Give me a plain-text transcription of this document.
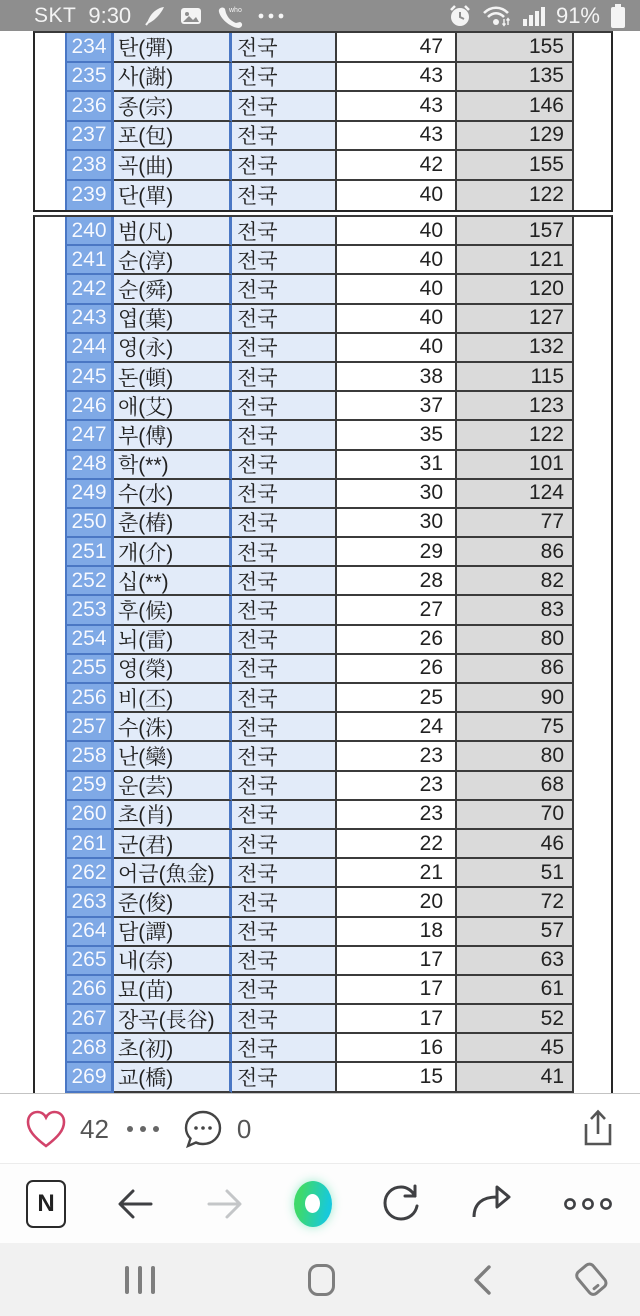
SKT 9:30	who	91%
234 탄(彈)	전국	47	155
235 사(謝)	전국	43	135
236 종(宗)	전국	43	146
237 포(包)	전국	43	129
238 곡(曲)	전국	42	155
239 단(單)	전국	40	122
240 범(凡)	전국	40	157
241 순(淳)	전국	40	121
242 순(舜)	전국	40	120
243 엽(葉)	전국	40	127
244 영(永)	전국	40	132
245 돈(頓)	전국	38	115
246 애(艾)	전국	37	123
247 부(傅)	전국	35	122
248 학(**)	전국	31	101
249 수(水)	전국	30	124
250 춘(椿)	전국	30	77
251 개(介)	전국	29	86
252 십(**)	전국	28	82
253 후(候)	전국	27	83
254 뇌(雷)	전국	26	80
255 영(榮)	전국	26	86
256 비(丕)	전국	25	90
257 수(洙)	전국	24	75
258 난(欒)	전국	23	80
259 운(芸)	전국	23	68
260 초(肖)	전국	23	70
261 군(君)	전국	22	46
262 어금(魚金)	전국	21	51
263 준(俊)	전국	20	72
264 담(譚)	전국	18	57
265 내(奈)	전국	17	63
266 묘(苗)	전국	17	61
267 장곡(長谷)	전국	17	52
268 초(初)	전국	16	45
269 교(橋)	전국	15	41
42	0
N
